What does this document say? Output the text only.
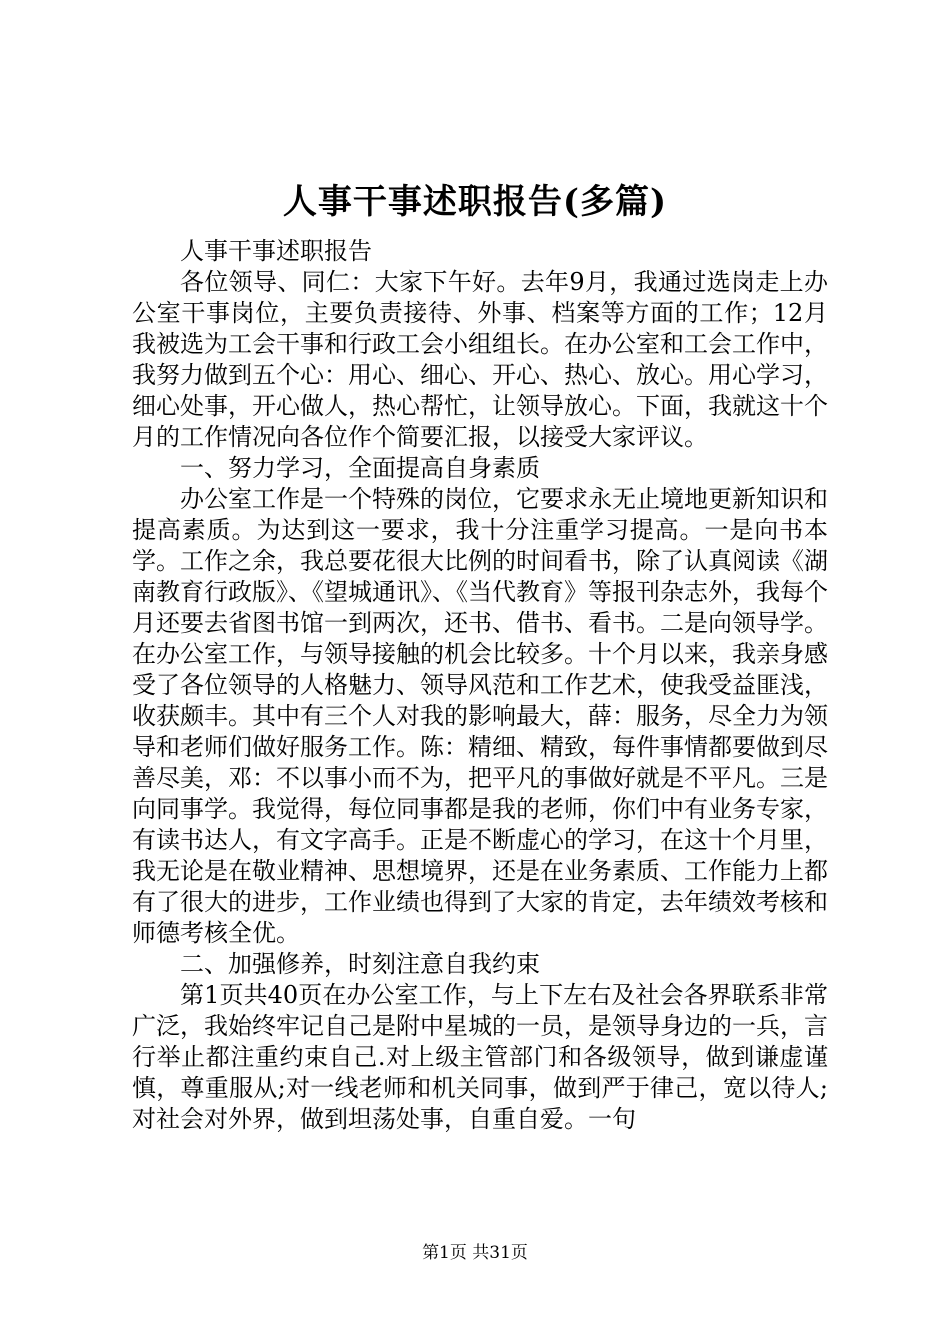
人事干事述职报告(多篇)

人事干事述职报告

各位领导、同仁：大家下午好。去年9月，我通过选岗走上办公室干事岗位，主要负责接待、外事、档案等方面的工作；12月我被选为工会干事和行政工会小组组长。在办公室和工会工作中，我努力做到五个心：用心、细心、开心、热心、放心。用心学习，细心处事，开心做人，热心帮忙，让领导放心。下面，我就这十个月的工作情况向各位作个简要汇报，以接受大家评议。

一、努力学习，全面提高自身素质

办公室工作是一个特殊的岗位，它要求永无止境地更新知识和提高素质。为达到这一要求，我十分注重学习提高。一是向书本学。工作之余，我总要花很大比例的时间看书，除了认真阅读《湖南教育行政版》、《望城通讯》、《当代教育》等报刊杂志外，我每个月还要去省图书馆一到两次，还书、借书、看书。二是向领导学。在办公室工作，与领导接触的机会比较多。十个月以来，我亲身感受了各位领导的人格魅力、领导风范和工作艺术，使我受益匪浅，收获颇丰。其中有三个人对我的影响最大，薛：服务，尽全力为领导和老师们做好服务工作。陈：精细、精致，每件事情都要做到尽善尽美，邓：不以事小而不为，把平凡的事做好就是不平凡。三是向同事学。我觉得，每位同事都是我的老师，你们中有业务专家，有读书达人，有文字高手。正是不断虚心的学习，在这十个月里，我无论是在敬业精神、思想境界，还是在业务素质、工作能力上都有了很大的进步，工作业绩也得到了大家的肯定，去年绩效考核和师德考核全优。

二、加强修养，时刻注意自我约束

第1页共40页在办公室工作，与上下左右及社会各界联系非常广泛，我始终牢记自己是附中星城的一员，是领导身边的一兵，言行举止都注重约束自己.对上级主管部门和各级领导，做到谦虚谨慎，尊重服从;对一线老师和机关同事，做到严于律己，宽以待人;对社会对外界，做到坦荡处事，自重自爱。一句

第1页 共31页
